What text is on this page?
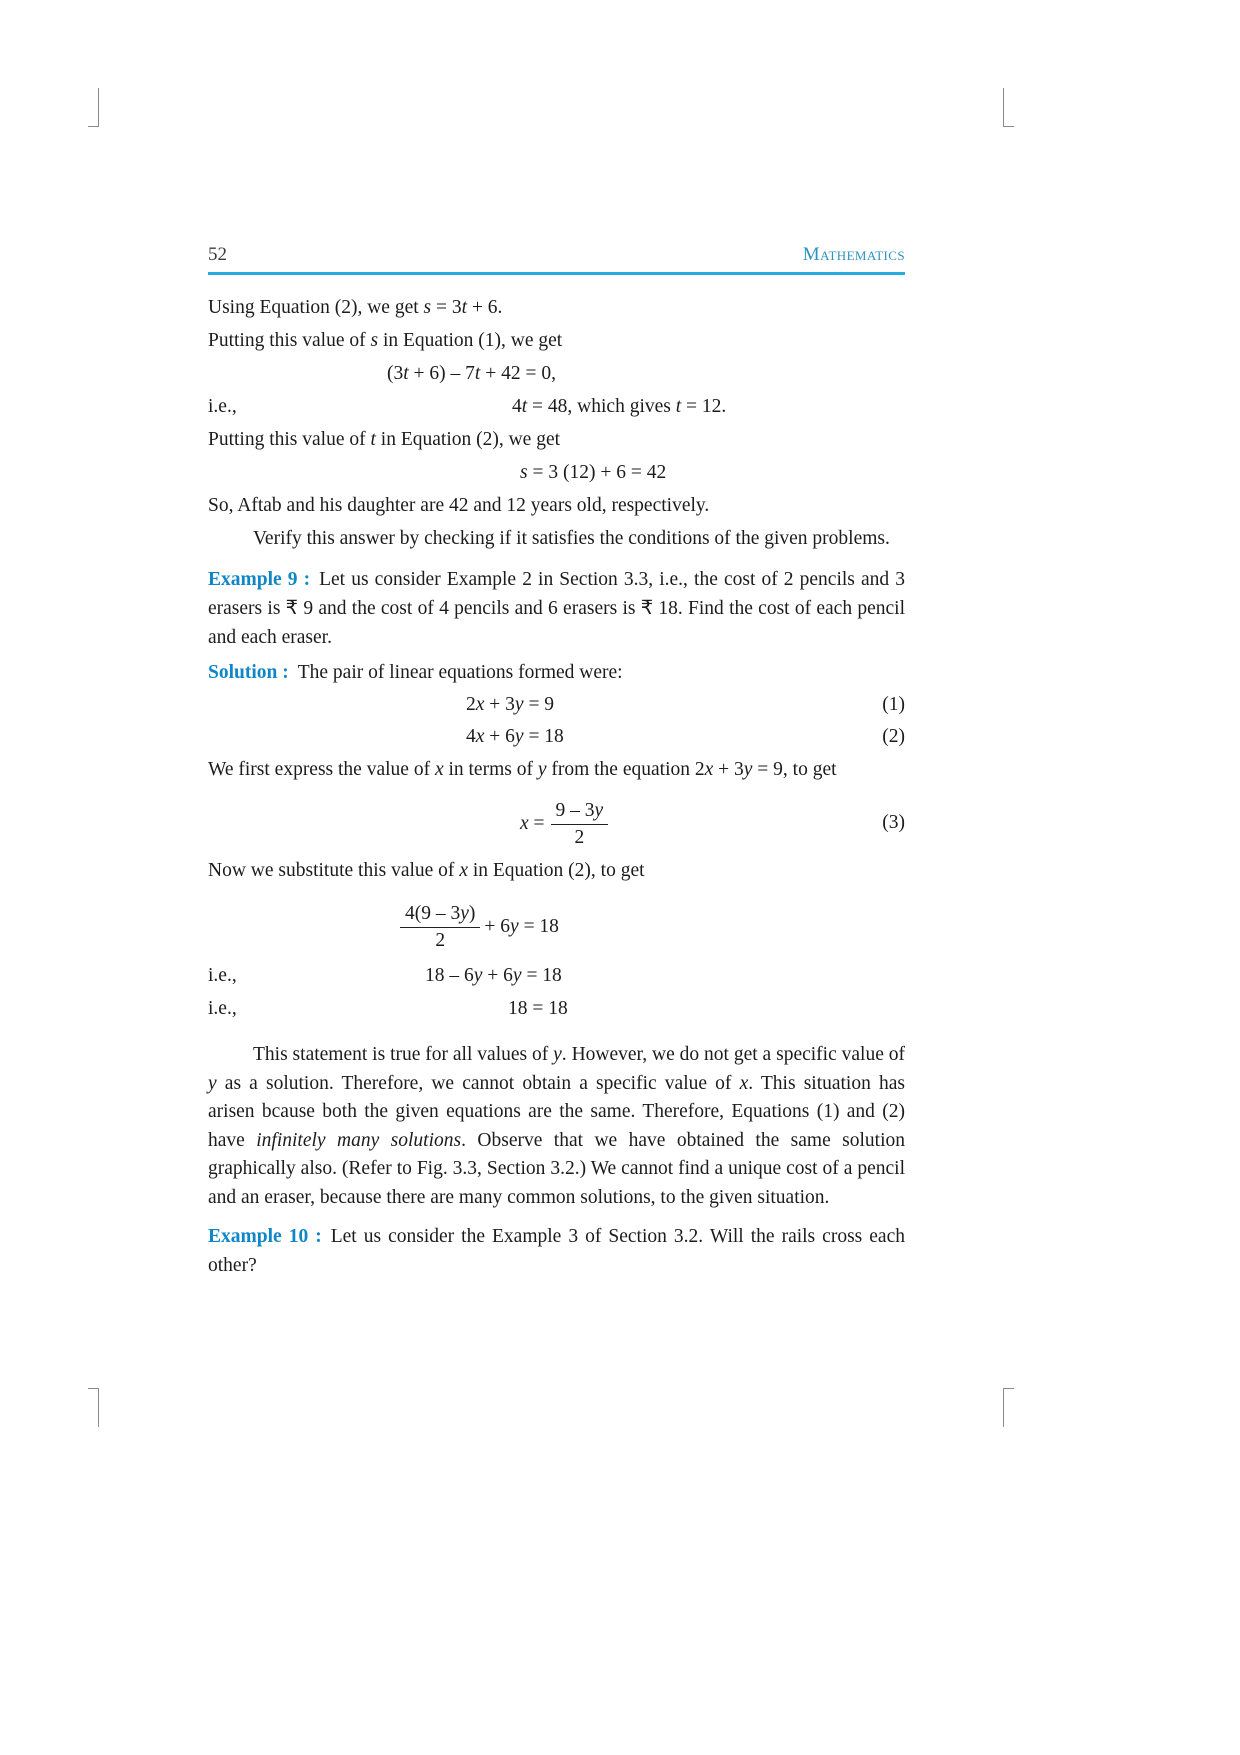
52	Mathematics
Using Equation (2), we get s = 3t + 6.
Putting this value of s in Equation (1), we get
(3t + 6) – 7t + 42 = 0,
i.e.,	4t = 48, which gives t = 12.
Putting this value of t in Equation (2), we get
s = 3 (12) + 6 = 42
So, Aftab and his daughter are 42 and 12 years old, respectively.
Verify this answer by checking if it satisfies the conditions of the given problems.

Example 9 : Let us consider Example 2 in Section 3.3, i.e., the cost of 2 pencils and 3 erasers is ₹ 9 and the cost of 4 pencils and 6 erasers is ₹ 18. Find the cost of each pencil and each eraser.

Solution : The pair of linear equations formed were:

2x + 3y = 9	(1)
4x + 6y = 18	(2)

We first express the value of x in terms of y from the equation 2x + 3y = 9, to get

$x = \frac{9 - 3y}{2}$	(3)

Now we substitute this value of x in Equation (2), to get

$\frac{4(9 - 3y)}{2} + 6y = 18$
i.e.,	18 – 6y + 6y = 18
i.e.,	18 = 18

This statement is true for all values of y. However, we do not get a specific value of y as a solution. Therefore, we cannot obtain a specific value of x. This situation has arisen bcause both the given equations are the same. Therefore, Equations (1) and (2) have infinitely many solutions. Observe that we have obtained the same solution graphically also. (Refer to Fig. 3.3, Section 3.2.) We cannot find a unique cost of a pencil and an eraser, because there are many common solutions, to the given situation.

Example 10 : Let us consider the Example 3 of Section 3.2. Will the rails cross each other?
